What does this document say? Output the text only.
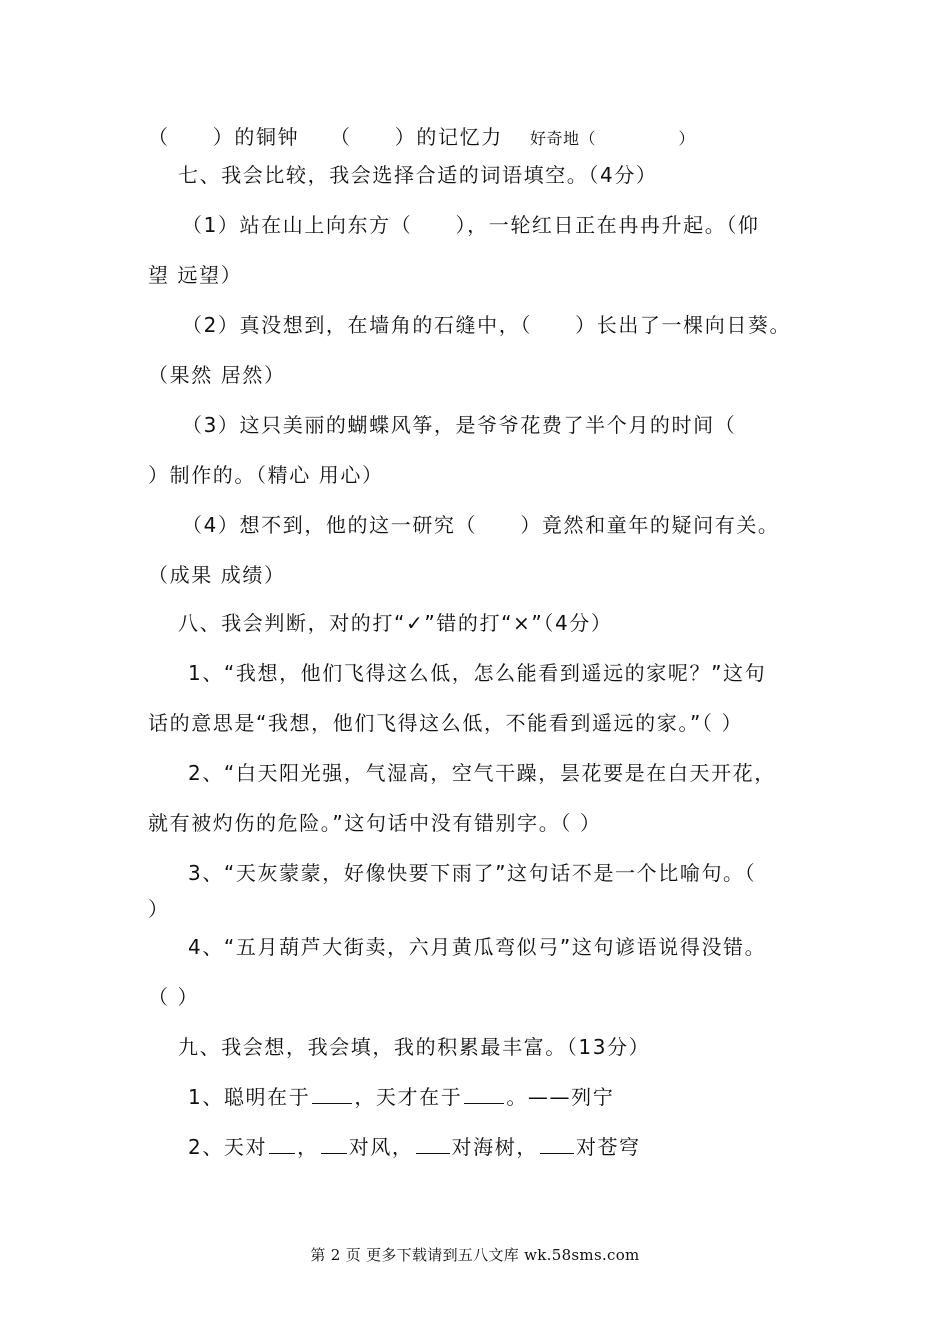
（　　）的铜钟 （　　）的记忆力 好奇地（　　　　　）
七、我会比较，我会选择合适的词语填空。（4分）
（1）站在山上向东方（　　），一轮红日正在冉冉升起。（仰
望 远望）
（2）真没想到，在墙角的石缝中，（　　）长出了一棵向日葵。
（果然 居然）
（3）这只美丽的蝴蝶风筝，是爷爷花费了半个月的时间（
）制作的。（精心 用心）
（4）想不到，他的这一研究（　　）竟然和童年的疑问有关。
（成果 成绩）
八、我会判断，对的打“✓”错的打“×”（4分）
1、“我想，他们飞得这么低，怎么能看到遥远的家呢？”这句
话的意思是“我想，他们飞得这么低，不能看到遥远的家。”（ ）
2、“白天阳光强，气湿高，空气干躁，昙花要是在白天开花，
就有被灼伤的危险。”这句话中没有错别字。（ ）
3、“天灰蒙蒙，好像快要下雨了”这句话不是一个比喻句。（
）
4、“五月葫芦大街卖，六月黄瓜弯似弓”这句谚语说得没错。
（ ）
九、我会想，我会填，我的积累最丰富。（13分）
1、聪明在于 ，天才在于 。——列宁
2、天对 ， 对风， 对海树， 对苍穹
第 2 页 更多下载请到五八文库 wk.58sms.com
